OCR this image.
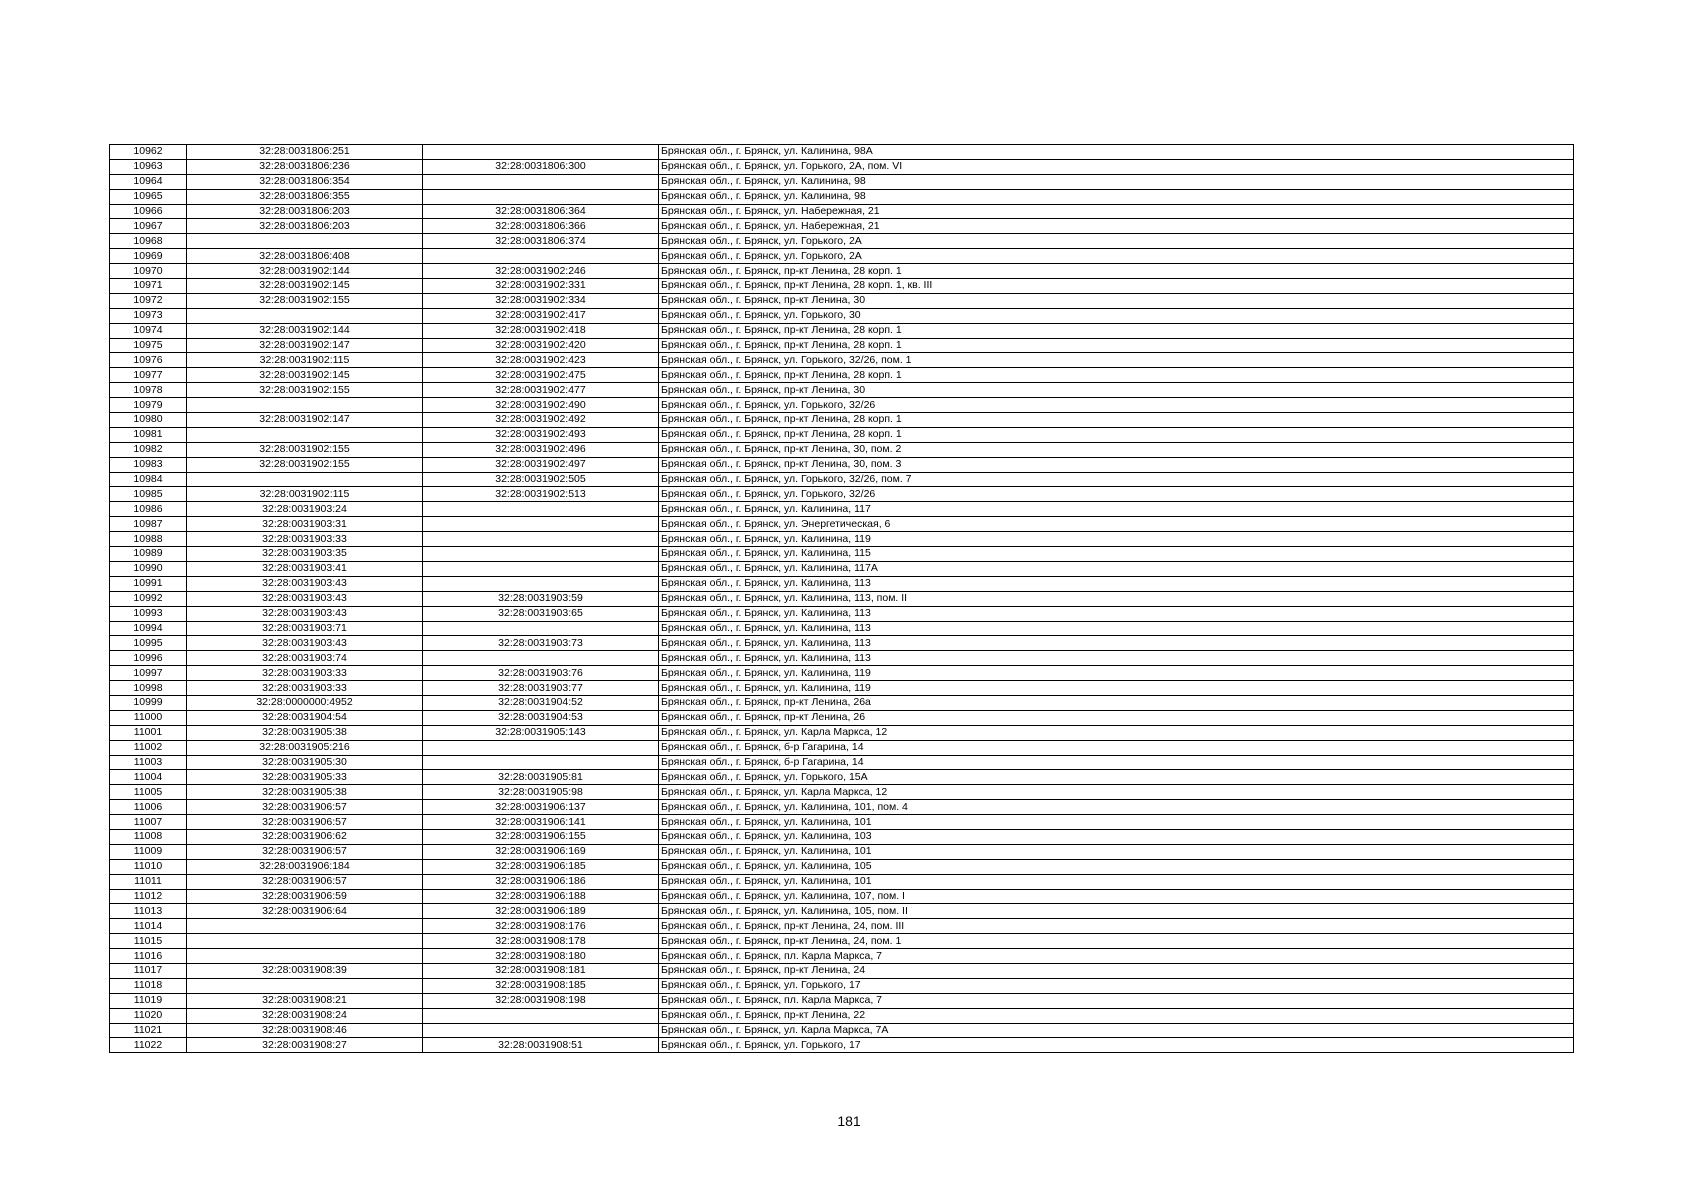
10962	32:28:0031806:251		Брянская обл., г. Брянск, ул. Калинина, 98А
10963	32:28:0031806:236	32:28:0031806:300	Брянская обл., г. Брянск, ул. Горького, 2А, пом. VI
10964	32:28:0031806:354		Брянская обл., г. Брянск, ул. Калинина, 98
10965	32:28:0031806:355		Брянская обл., г. Брянск, ул. Калинина, 98
10966	32:28:0031806:203	32:28:0031806:364	Брянская обл., г. Брянск, ул. Набережная, 21
10967	32:28:0031806:203	32:28:0031806:366	Брянская обл., г. Брянск, ул. Набережная, 21
10968		32:28:0031806:374	Брянская обл., г. Брянск, ул. Горького, 2А
10969	32:28:0031806:408		Брянская обл., г. Брянск, ул. Горького, 2А
10970	32:28:0031902:144	32:28:0031902:246	Брянская обл., г. Брянск, пр-кт Ленина, 28 корп. 1
10971	32:28:0031902:145	32:28:0031902:331	Брянская обл., г. Брянск, пр-кт Ленина, 28 корп. 1, кв. III
10972	32:28:0031902:155	32:28:0031902:334	Брянская обл., г. Брянск, пр-кт Ленина, 30
10973		32:28:0031902:417	Брянская обл., г. Брянск, ул. Горького, 30
10974	32:28:0031902:144	32:28:0031902:418	Брянская обл., г. Брянск, пр-кт Ленина, 28 корп. 1
10975	32:28:0031902:147	32:28:0031902:420	Брянская обл., г. Брянск, пр-кт Ленина, 28 корп. 1
10976	32:28:0031902:115	32:28:0031902:423	Брянская обл., г. Брянск, ул. Горького, 32/26, пом. 1
10977	32:28:0031902:145	32:28:0031902:475	Брянская обл., г. Брянск, пр-кт Ленина, 28 корп. 1
10978	32:28:0031902:155	32:28:0031902:477	Брянская обл., г. Брянск, пр-кт Ленина, 30
10979		32:28:0031902:490	Брянская обл., г. Брянск, ул. Горького, 32/26
10980	32:28:0031902:147	32:28:0031902:492	Брянская обл., г. Брянск, пр-кт Ленина, 28 корп. 1
10981		32:28:0031902:493	Брянская обл., г. Брянск, пр-кт Ленина, 28 корп. 1
10982	32:28:0031902:155	32:28:0031902:496	Брянская обл., г. Брянск, пр-кт Ленина, 30, пом. 2
10983	32:28:0031902:155	32:28:0031902:497	Брянская обл., г. Брянск, пр-кт Ленина, 30, пом. 3
10984		32:28:0031902:505	Брянская обл., г. Брянск, ул. Горького, 32/26, пом. 7
10985	32:28:0031902:115	32:28:0031902:513	Брянская обл., г. Брянск, ул. Горького, 32/26
10986	32:28:0031903:24		Брянская обл., г. Брянск, ул. Калинина, 117
10987	32:28:0031903:31		Брянская обл., г. Брянск, ул. Энергетическая, 6
10988	32:28:0031903:33		Брянская обл., г. Брянск, ул. Калинина, 119
10989	32:28:0031903:35		Брянская обл., г. Брянск, ул. Калинина, 115
10990	32:28:0031903:41		Брянская обл., г. Брянск, ул. Калинина, 117А
10991	32:28:0031903:43		Брянская обл., г. Брянск, ул. Калинина, 113
10992	32:28:0031903:43	32:28:0031903:59	Брянская обл., г. Брянск, ул. Калинина, 113, пом. II
10993	32:28:0031903:43	32:28:0031903:65	Брянская обл., г. Брянск, ул. Калинина, 113
10994	32:28:0031903:71		Брянская обл., г. Брянск, ул. Калинина, 113
10995	32:28:0031903:43	32:28:0031903:73	Брянская обл., г. Брянск, ул. Калинина, 113
10996	32:28:0031903:74		Брянская обл., г. Брянск, ул. Калинина, 113
10997	32:28:0031903:33	32:28:0031903:76	Брянская обл., г. Брянск, ул. Калинина, 119
10998	32:28:0031903:33	32:28:0031903:77	Брянская обл., г. Брянск, ул. Калинина, 119
10999	32:28:0000000:4952	32:28:0031904:52	Брянская обл., г. Брянск, пр-кт Ленина, 26а
11000	32:28:0031904:54	32:28:0031904:53	Брянская обл., г. Брянск, пр-кт Ленина, 26
11001	32:28:0031905:38	32:28:0031905:143	Брянская обл., г. Брянск, ул. Карла Маркса, 12
11002	32:28:0031905:216		Брянская обл., г. Брянск, б-р Гагарина, 14
11003	32:28:0031905:30		Брянская обл., г. Брянск, б-р Гагарина, 14
11004	32:28:0031905:33	32:28:0031905:81	Брянская обл., г. Брянск, ул. Горького, 15А
11005	32:28:0031905:38	32:28:0031905:98	Брянская обл., г. Брянск, ул. Карла Маркса, 12
11006	32:28:0031906:57	32:28:0031906:137	Брянская обл., г. Брянск, ул. Калинина, 101, пом. 4
11007	32:28:0031906:57	32:28:0031906:141	Брянская обл., г. Брянск, ул. Калинина, 101
11008	32:28:0031906:62	32:28:0031906:155	Брянская обл., г. Брянск, ул. Калинина, 103
11009	32:28:0031906:57	32:28:0031906:169	Брянская обл., г. Брянск, ул. Калинина, 101
11010	32:28:0031906:184	32:28:0031906:185	Брянская обл., г. Брянск, ул. Калинина, 105
11011	32:28:0031906:57	32:28:0031906:186	Брянская обл., г. Брянск, ул. Калинина, 101
11012	32:28:0031906:59	32:28:0031906:188	Брянская обл., г. Брянск, ул. Калинина, 107, пом. I
11013	32:28:0031906:64	32:28:0031906:189	Брянская обл., г. Брянск, ул. Калинина, 105, пом. II
11014		32:28:0031908:176	Брянская обл., г. Брянск, пр-кт Ленина, 24, пом. III
11015		32:28:0031908:178	Брянская обл., г. Брянск, пр-кт Ленина, 24, пом. 1
11016		32:28:0031908:180	Брянская обл., г. Брянск, пл. Карла Маркса, 7
11017	32:28:0031908:39	32:28:0031908:181	Брянская обл., г. Брянск, пр-кт Ленина, 24
11018		32:28:0031908:185	Брянская обл., г. Брянск, ул. Горького, 17
11019	32:28:0031908:21	32:28:0031908:198	Брянская обл., г. Брянск, пл. Карла Маркса, 7
11020	32:28:0031908:24		Брянская обл., г. Брянск, пр-кт Ленина, 22
11021	32:28:0031908:46		Брянская обл., г. Брянск, ул. Карла Маркса, 7А
11022	32:28:0031908:27	32:28:0031908:51	Брянская обл., г. Брянск, ул. Горького, 17
181
